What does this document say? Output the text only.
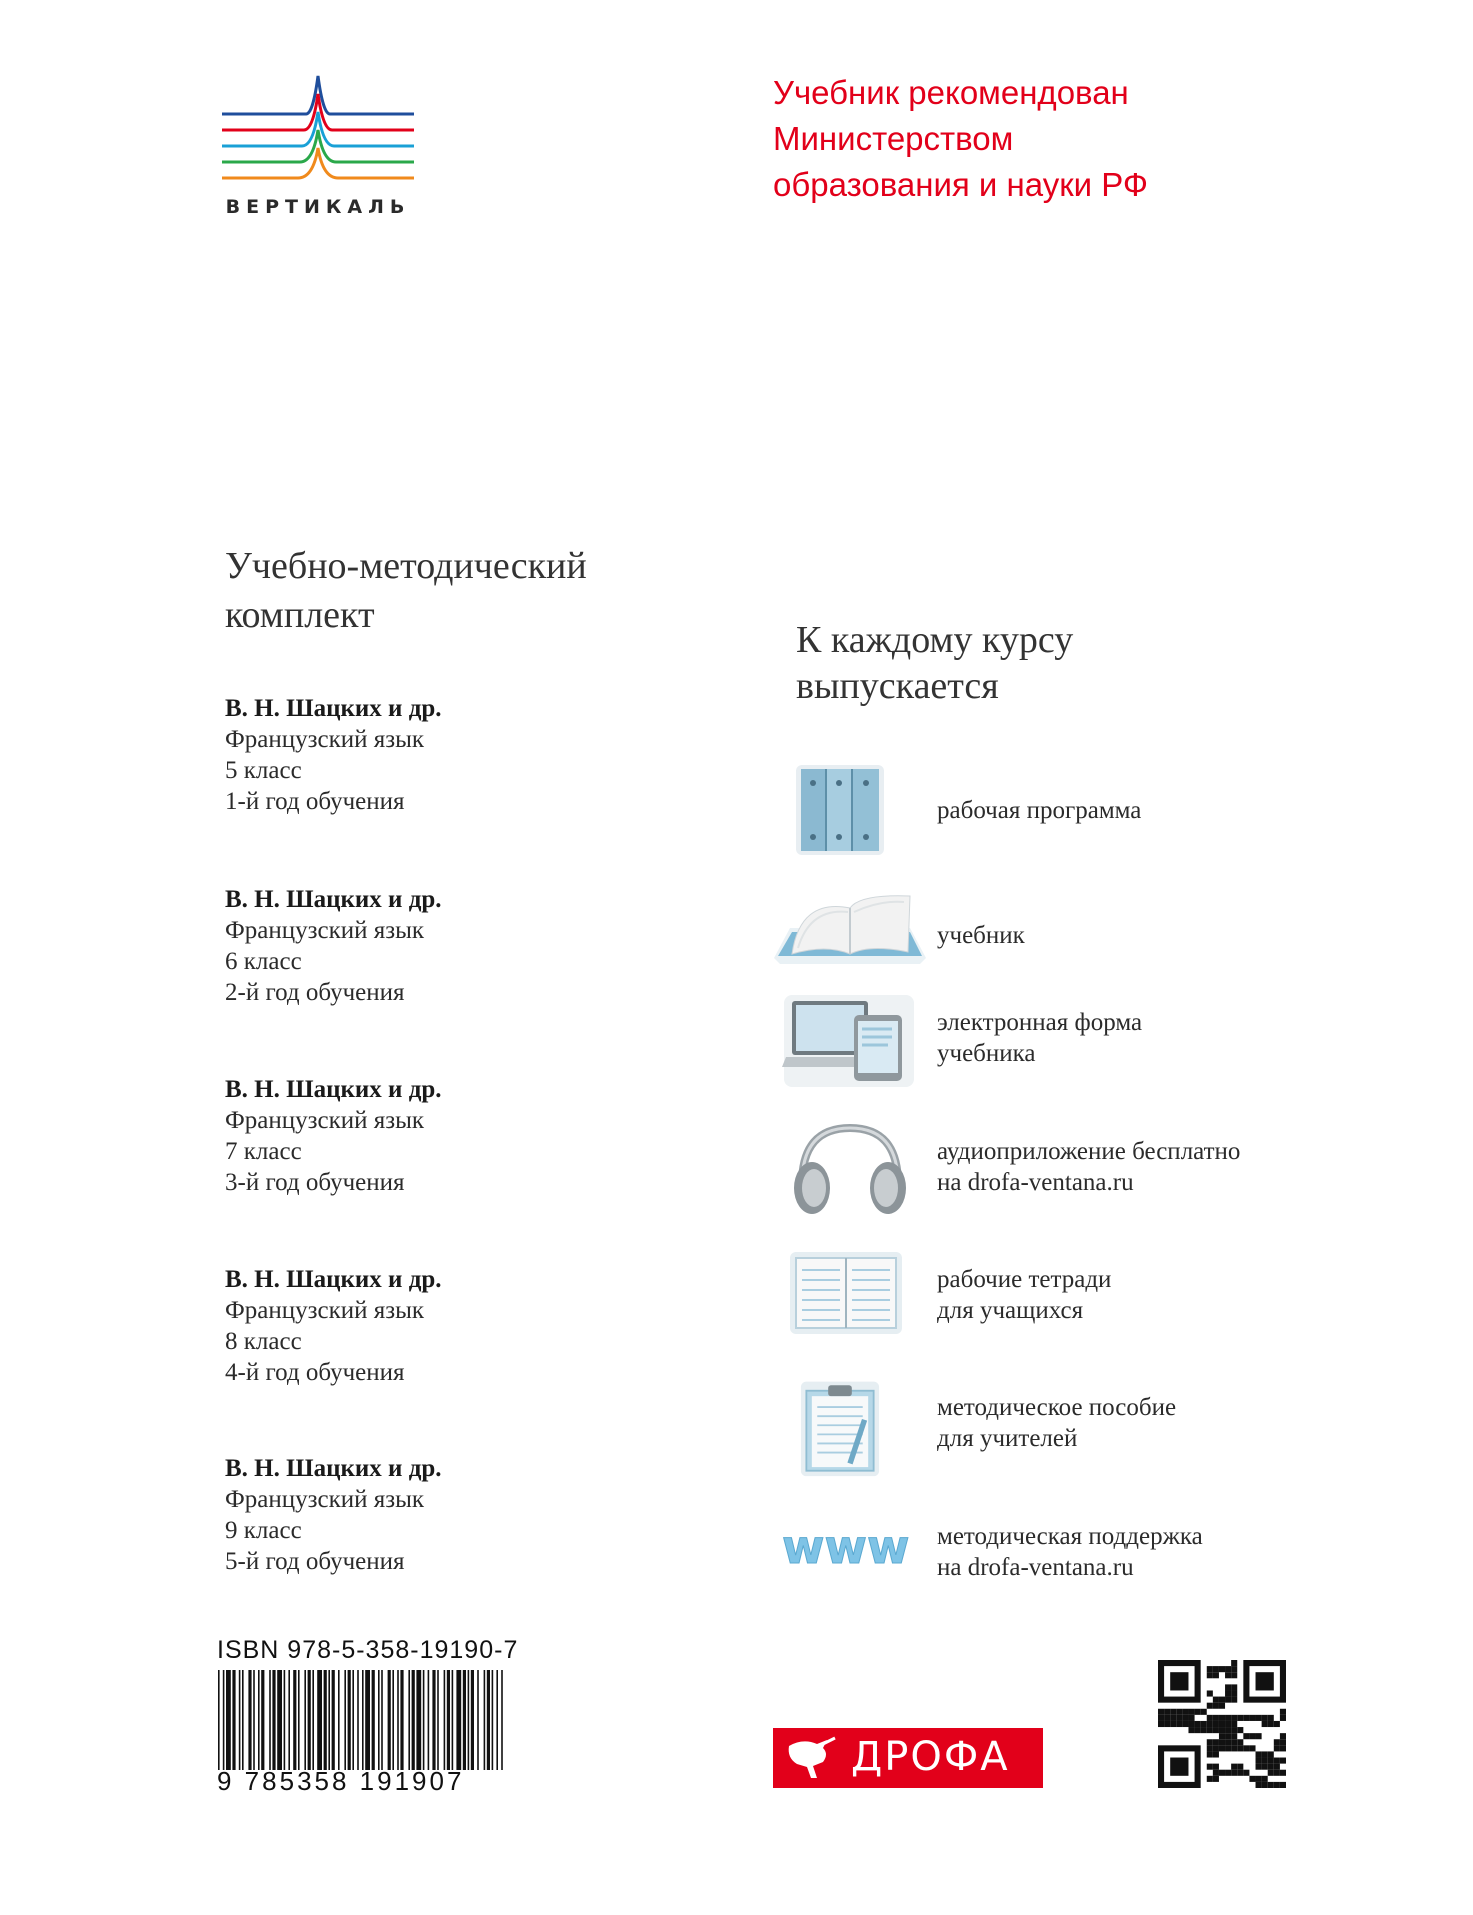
ВЕРТИКАЛЬ
Учебник рекомендован
Министерством
образования и науки РФ
Учебно-методический
комплект
В. Н. Шацких и др.
Французский язык
5 класс
1-й год обучения
В. Н. Шацких и др.
Французский язык
6 класс
2-й год обучения
В. Н. Шацких и др.
Французский язык
7 класс
3-й год обучения
В. Н. Шацких и др.
Французский язык
8 класс
4-й год обучения
В. Н. Шацких и др.
Французский язык
9 класс
5-й год обучения
К каждому курсу
выпускается
рабочая программа
учебник
электронная форма
учебника
аудиоприложение бесплатно
на drofa-ventana.ru
рабочие тетради
для учащихся
методическое пособие
для учителей
www методическая поддержка
на drofa-ventana.ru
ISBN 978-5-358-19190-7
9 785358 191907
ДРОФА
